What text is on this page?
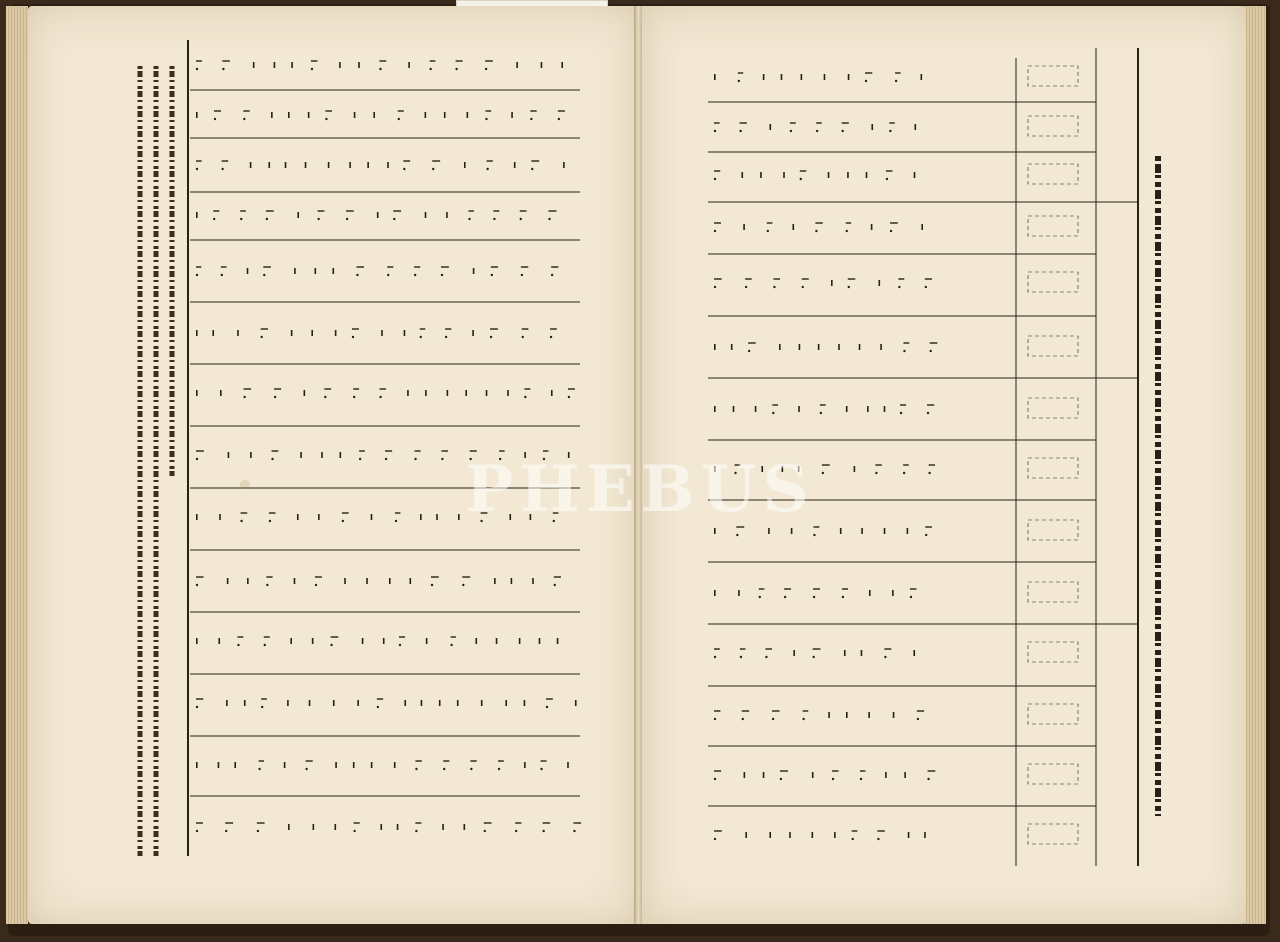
PHEBUS
